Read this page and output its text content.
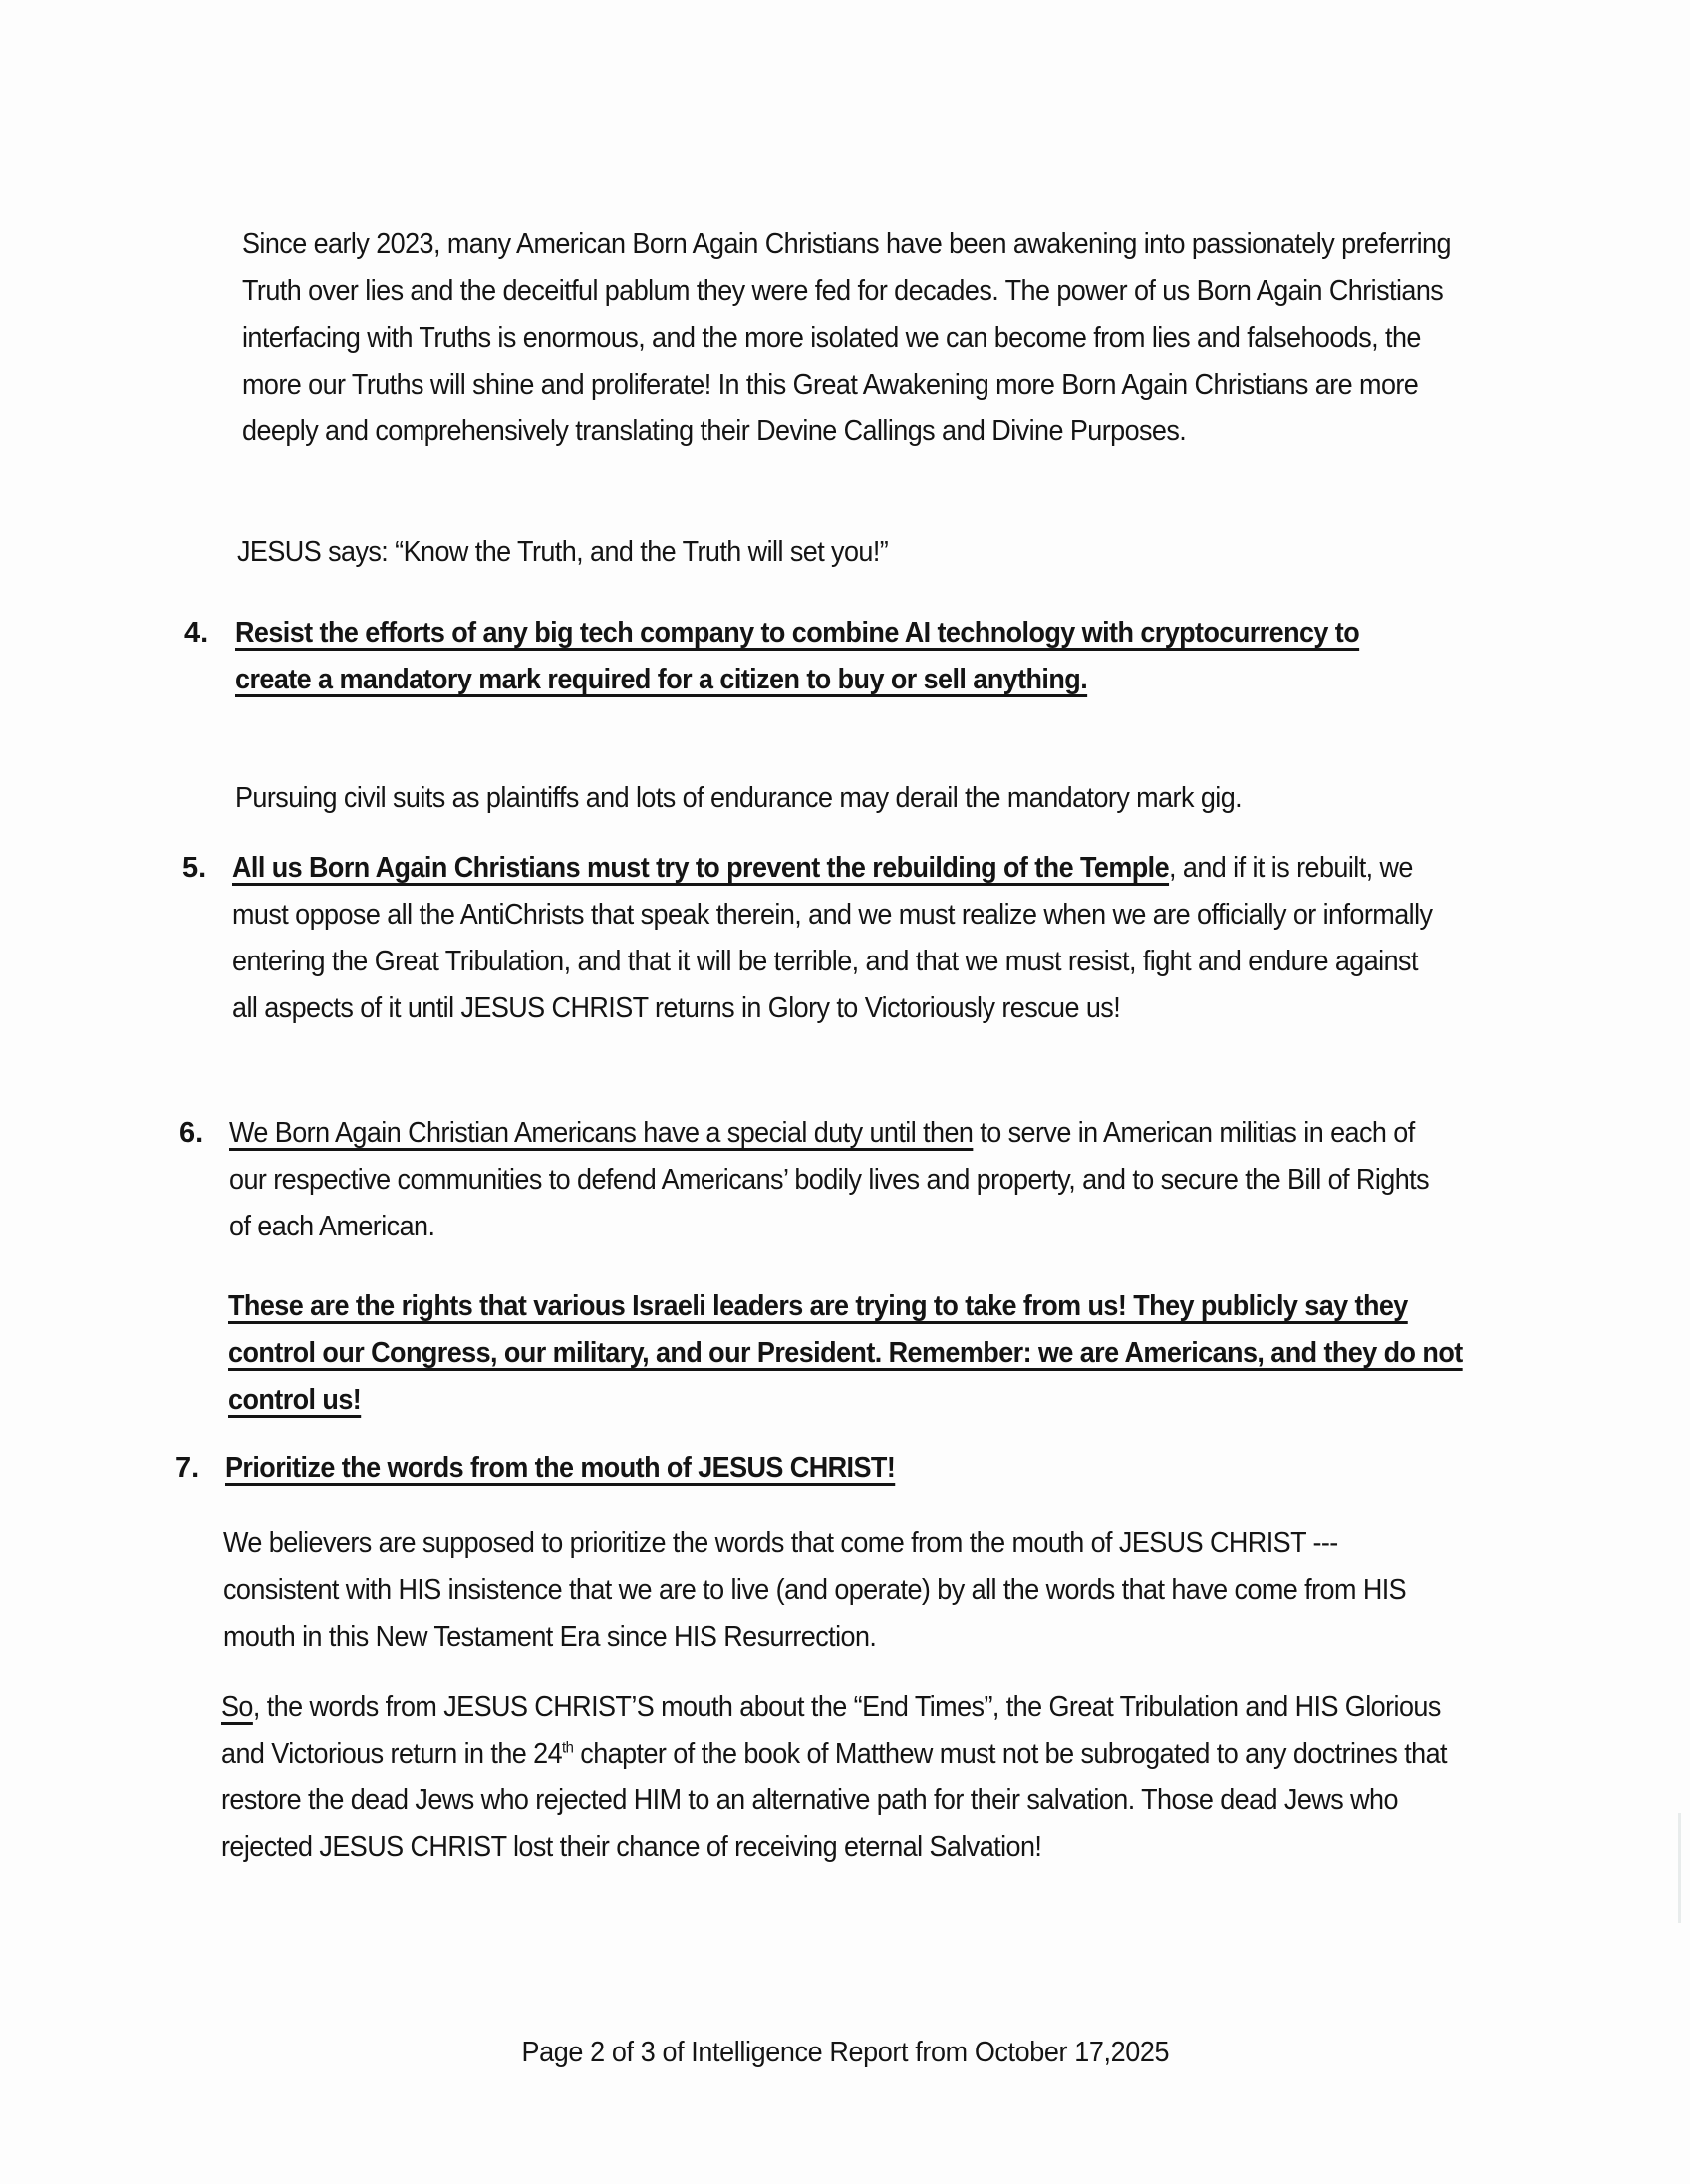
Since early 2023, many American Born Again Christians have been awakening into passionately preferring Truth over lies and the deceitful pablum they were fed for decades. The power of us Born Again Christians interfacing with Truths is enormous, and the more isolated we can become from lies and falsehoods, the more our Truths will shine and proliferate! In this Great Awakening more Born Again Christians are more deeply and comprehensively translating their Devine Callings and Divine Purposes.
JESUS says: “Know the Truth, and the Truth will set you!”
4. Resist the efforts of any big tech company to combine AI technology with cryptocurrency to create a mandatory mark required for a citizen to buy or sell anything.
Pursuing civil suits as plaintiffs and lots of endurance may derail the mandatory mark gig.
5. All us Born Again Christians must try to prevent the rebuilding of the Temple, and if it is rebuilt, we must oppose all the AntiChrists that speak therein, and we must realize when we are officially or informally entering the Great Tribulation, and that it will be terrible, and that we must resist, fight and endure against all aspects of it until JESUS CHRIST returns in Glory to Victoriously rescue us!
6. We Born Again Christian Americans have a special duty until then to serve in American militias in each of our respective communities to defend Americans’ bodily lives and property, and to secure the Bill of Rights of each American.
These are the rights that various Israeli leaders are trying to take from us! They publicly say they control our Congress, our military, and our President. Remember: we are Americans, and they do not control us!
7. Prioritize the words from the mouth of JESUS CHRIST!
We believers are supposed to prioritize the words that come from the mouth of JESUS CHRIST --- consistent with HIS insistence that we are to live (and operate) by all the words that have come from HIS mouth in this New Testament Era since HIS Resurrection.
So, the words from JESUS CHRIST’S mouth about the “End Times”, the Great Tribulation and HIS Glorious and Victorious return in the 24th chapter of the book of Matthew must not be subrogated to any doctrines that restore the dead Jews who rejected HIM to an alternative path for their salvation. Those dead Jews who rejected JESUS CHRIST lost their chance of receiving eternal Salvation!
Page 2 of 3 of Intelligence Report from October 17,2025
